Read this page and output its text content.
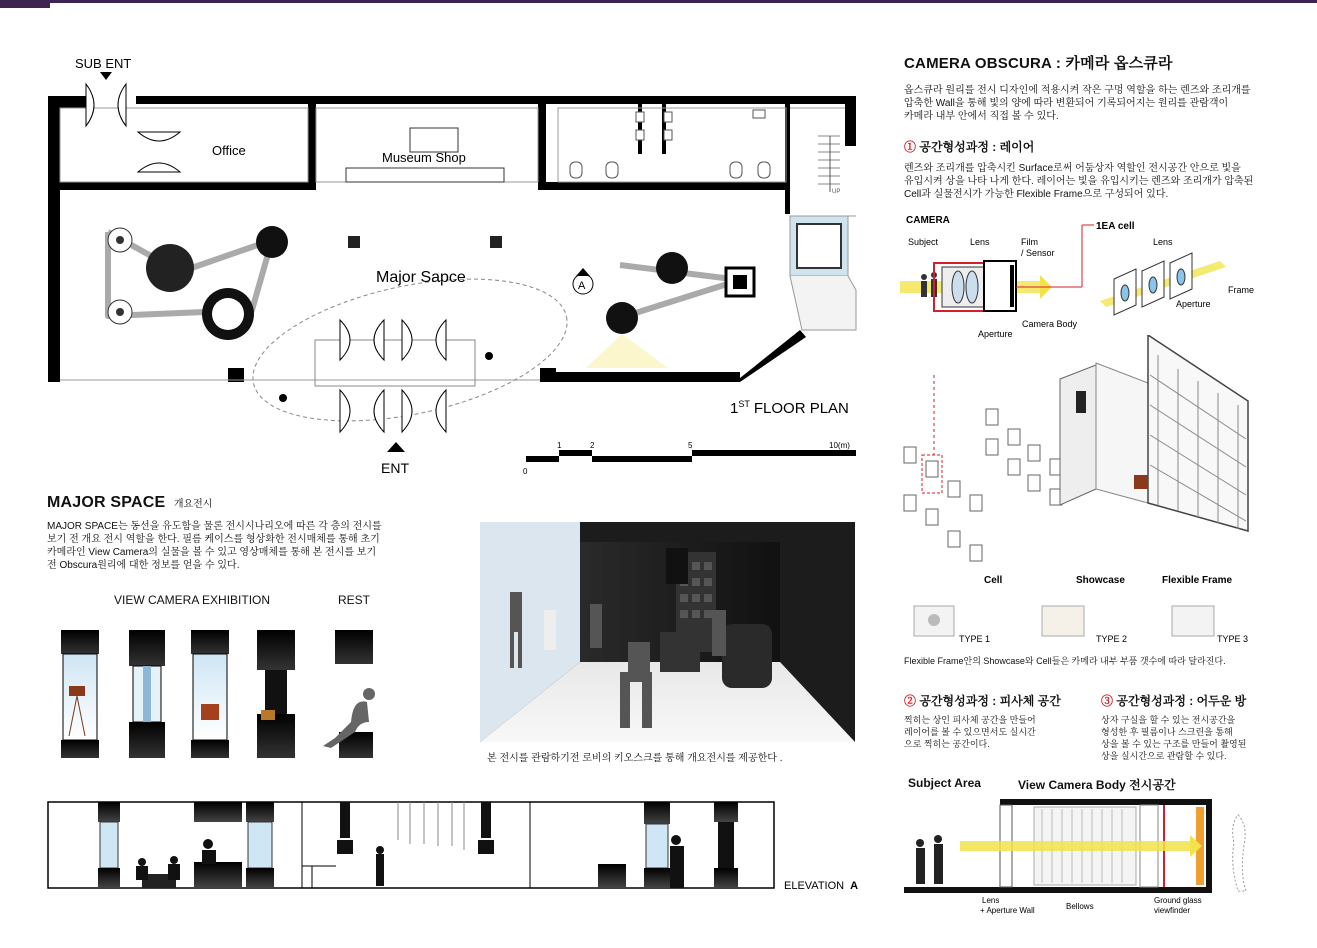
UP
SUB ENT
Office	Museum Shop
Major Sapce	A
ENT
1ST FLOOR PLAN
0
1	2	5	10(m)
MAJOR SPACE 개요전시
MAJOR SPACE는 동선을 유도함을 물론 전시시나리오에 따른 각 층의 전시를
보기 전 개요 전시 역할을 한다. 필름 케이스를 형상화한 전시매체를 통해 초기
카메라인 View Camera의 실물을 볼 수 있고 영상매체를 통해 본 전시를 보기
전 Obscura원리에 대한 정보를 얻을 수 있다.
VIEW CAMERA EXHIBITION	REST
본 전시를 관람하기전 로비의 키오스크를 통해 개요전시를 제공한다 .
ELEVATION A
CAMERA OBSCURA : 카메라 옵스큐라
옵스큐라 원리를 전시 디자인에 적용시켜 작은 구멍 역할을 하는 렌즈와 조리개를
압축한 Wall을 통해 빛의 양에 따라 변환되어 기록되어지는 원리를 관람객이
카메라 내부 안에서 직접 볼 수 있다.
① 공간형성과정 : 레이어
렌즈와 조리개를 압축시킨 Surface로써 어둠상자 역할인 전시공간 안으로 빛을
유입시켜 상을 나타 나게 한다. 레이어는 빛을 유입시키는 렌즈와 조리개가 압축된
Cell과 실물전시가 가능한 Flexible Frame으로 구성되어 있다.
CAMERA
Subject	Lens	Film
/ Sensor
Aperture
Camera Body
1EA cell
Lens
Aperture
Frame
Cell	Showcase	Flexible Frame
TYPE 1	TYPE 2	TYPE 3
Flexible Frame안의 Showcase와 Cell들은 카메라 내부 부품 갯수에 따라 달라진다.
② 공간형성과정 : 피사체 공간
찍히는 상인 피사체 공간을 만들어
레이어를 볼 수 있으면서도 실시간
으로 찍히는 공간이다.
③ 공간형성과정 : 어두운 방
상자 구실을 할 수 있는 전시공간을
형성한 후 필름이나 스크린을 통해
상을 볼 수 있는 구조를 만들어 촬영된
상을 실시간으로 관람할 수 있다.
Subject Area	View Camera Body 전시공간
Lens
+ Aperture Wall	Bellows
Ground glass
viewfinder
